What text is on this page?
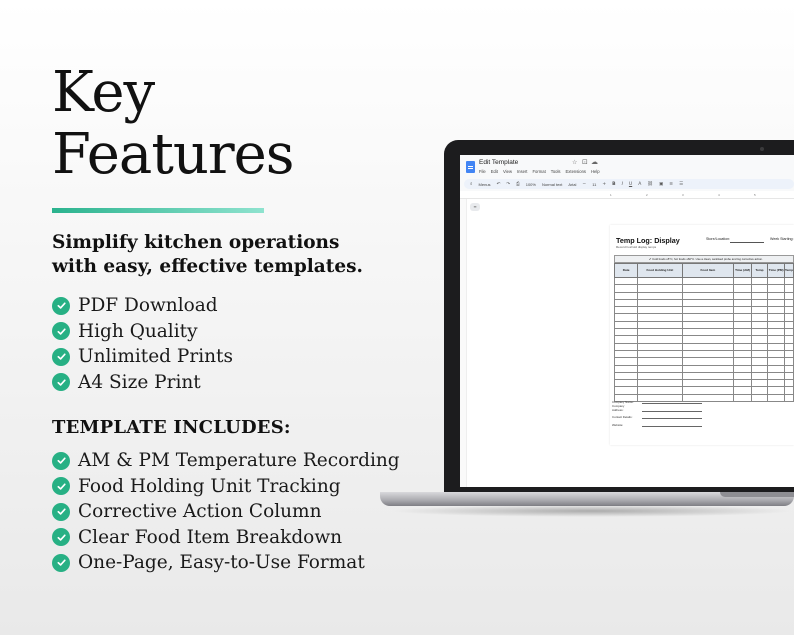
Key
Features
Simplify kitchen operations
with easy, effective templates.
PDF Download
High Quality
Unlimited Prints
A4 Size Print
TEMPLATE INCLUDES:
AM & PM Temperature Recording
Food Holding Unit Tracking
Corrective Action Column
Clear Food Item Breakdown
One-Page, Easy-to-Use Format
Edit Template	☆ ⊡ ☁
File Edit View Insert Format Tools Extensions Help
⌕ Menus ↶ ↷ ⎙ 100% Normal text Arial − 11 + B I U A ⛓ ▣ ≡ ☰
1	2	3	4	5
≡
Temp Log: Display
Record hot/cold display temps
Store/Location:	Week Starting:
✔ Cold foods ≤5°C, hot foods ≥60°C. Use a clean, sanitised probe and log corrective action.
Date	Food Holding Unit	Food Item	Time (AM)	Temp	Time (PM)	Temp

Company Name:
Company Address:
Contact Details:
Website:
